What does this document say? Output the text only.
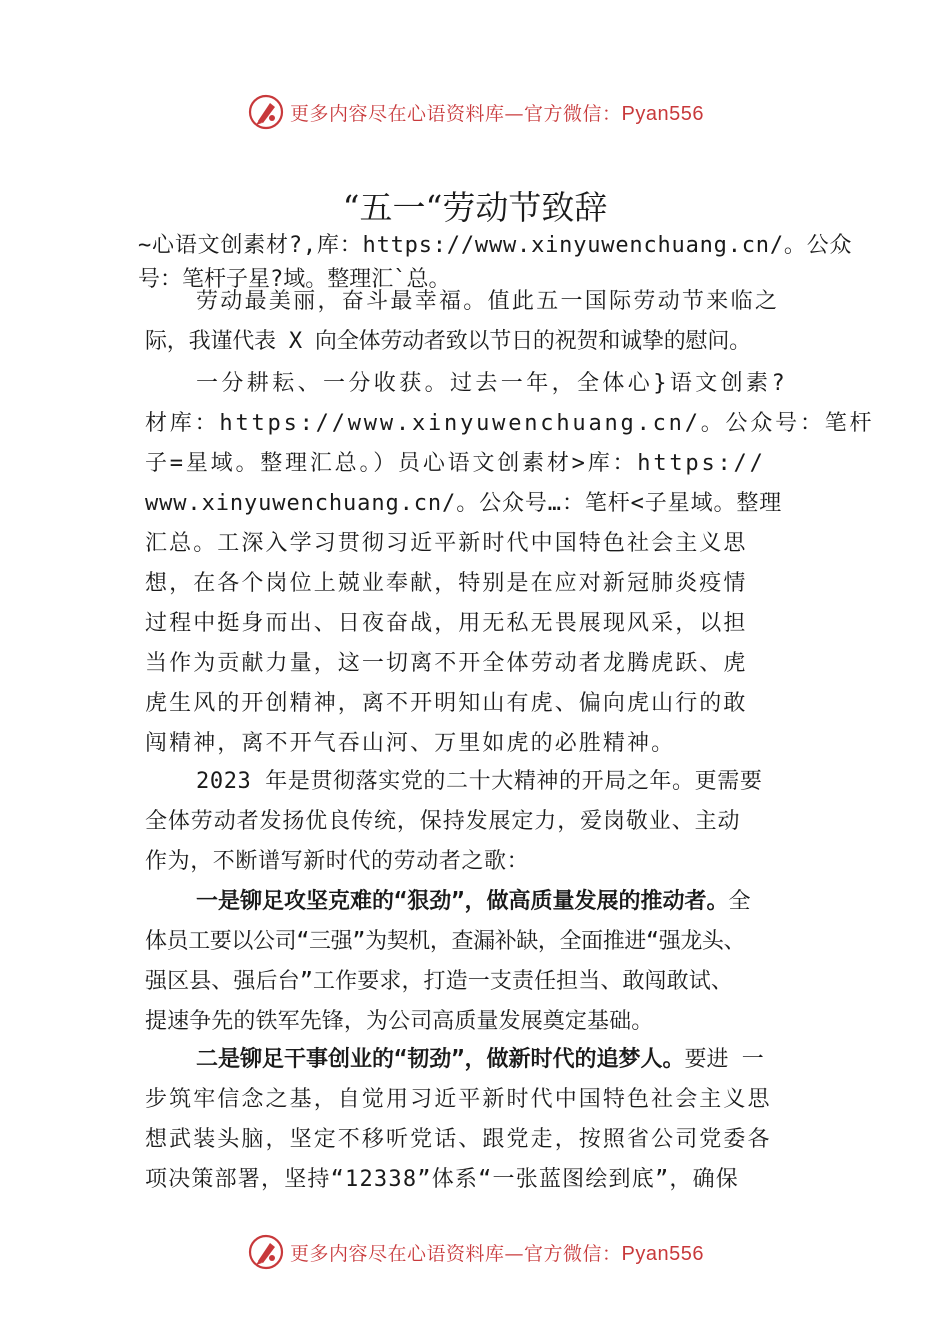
更多内容尽在心语资料库—官方微信：Pyan556
“五一“劳动节致辞
~心语文创素材?,库：https://www.xinyuwenchuang.cn/。公众
号：笔杆子星?域。整理汇`总。
劳动最美丽，奋斗最幸福。值此五一国际劳动节来临之
际，我谨代表 X 向全体劳动者致以节日的祝贺和诚挚的慰问。
一分耕耘、一分收获。过去一年，全体心}语文创素?
材库：https://www.xinyuwenchuang.cn/。公众号：笔杆
子=星域。整理汇总。）员心语文创素材>库：https://
www.xinyuwenchuang.cn/。公众号…：笔杆<子星域。整理
汇总。工深入学习贯彻习近平新时代中国特色社会主义思
想，在各个岗位上兢业奉献，特别是在应对新冠肺炎疫情
过程中挺身而出、日夜奋战，用无私无畏展现风采，以担
当作为贡献力量，这一切离不开全体劳动者龙腾虎跃、虎
虎生风的开创精神，离不开明知山有虎、偏向虎山行的敢
闯精神，离不开气吞山河、万里如虎的必胜精神。
2023 年是贯彻落实党的二十大精神的开局之年。更需要
全体劳动者发扬优良传统，保持发展定力，爱岗敬业、主动
作为，不断谱写新时代的劳动者之歌：
一是铆足攻坚克难的“狠劲”，做高质量发展的推动者。全
体员工要以公司“三强”为契机，查漏补缺，全面推进“强龙头、
强区县、强后台”工作要求，打造一支责任担当、敢闯敢试、
提速争先的铁军先锋，为公司高质量发展奠定基础。
二是铆足干事创业的“韧劲”，做新时代的追梦人。要进 一
步筑牢信念之基，自觉用习近平新时代中国特色社会主义思
想武装头脑，坚定不移听党话、跟党走，按照省公司党委各
项决策部署，坚持“12338”体系“一张蓝图绘到底”，确保
更多内容尽在心语资料库—官方微信：Pyan556
